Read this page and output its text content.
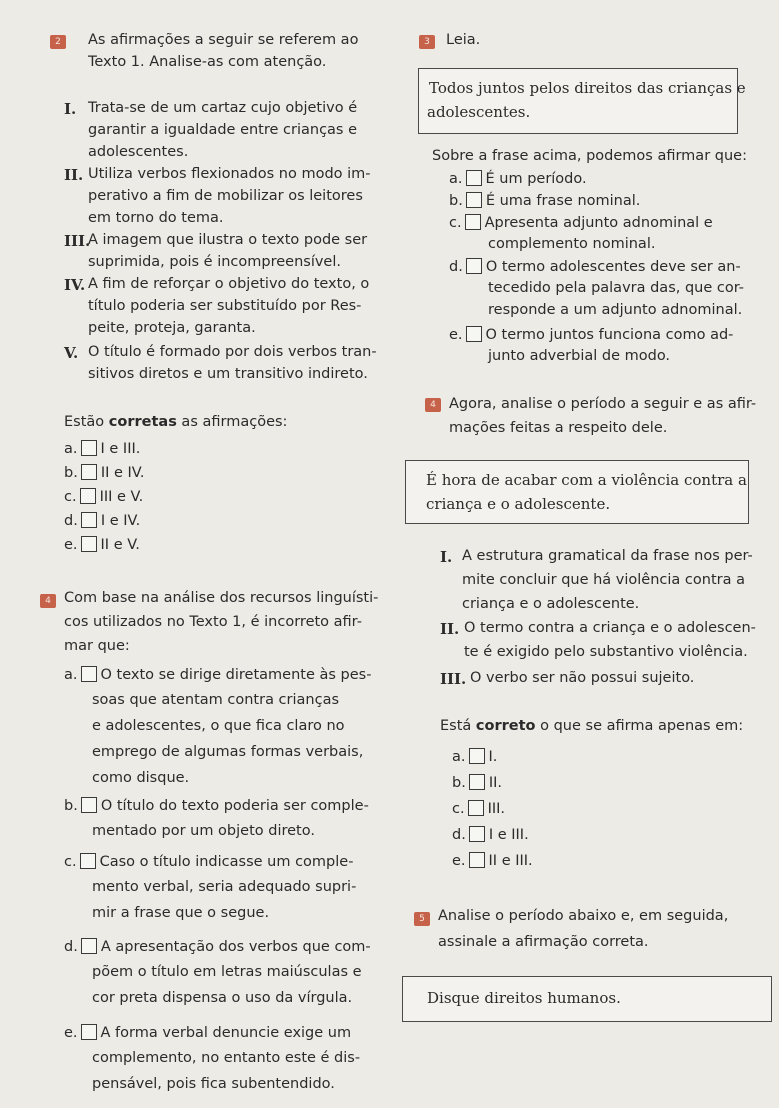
2	As afirmações a seguir se referem ao
Texto 1. Analise-as com atenção.
I. Trata-se de um cartaz cujo objetivo é
garantir a igualdade entre crianças e
adolescentes.
II. Utiliza verbos flexionados no modo im-
perativo a fim de mobilizar os leitores
em torno do tema.
III.
A imagem que ilustra o texto pode ser
suprimida, pois é incompreensível.
IV. A fim de reforçar o objetivo do texto, o
título poderia ser substituído por Res-
peite, proteja, garanta.
V. O título é formado por dois verbos tran-
sitivos diretos e um transitivo indireto.
Estão corretas as afirmações:
a. I e III.
b. II e IV.
c. III e V.
d. I e IV.
e. II e V.
4 Com base na análise dos recursos linguísti-
cos utilizados no Texto 1, é incorreto afir-
mar que:
a. O texto se dirige diretamente às pes-
soas que atentam contra crianças
e adolescentes, o que fica claro no
emprego de algumas formas verbais,
como disque.
b. O título do texto poderia ser comple-
mentado por um objeto direto.
c. Caso o título indicasse um comple-
mento verbal, seria adequado supri-
mir a frase que o segue.
d. A apresentação dos verbos que com-
põem o título em letras maiúsculas e
cor preta dispensa o uso da vírgula.
e. A forma verbal denuncie exige um
complemento, no entanto este é dis-
pensável, pois fica subentendido.
3	Leia.
Todos juntos pelos direitos das crianças e
adolescentes.
Sobre a frase acima, podemos afirmar que:
a. É um período.
b. É uma frase nominal.
c. Apresenta adjunto adnominal e
complemento nominal.
d. O termo adolescentes deve ser an-
tecedido pela palavra das, que cor-
responde a um adjunto adnominal.
e. O termo juntos funciona como ad-
junto adverbial de modo.
4 Agora, analise o período a seguir e as afir-
mações feitas a respeito dele.
É hora de acabar com a violência contra a
criança e o adolescente.
I. A estrutura gramatical da frase nos per-
mite concluir que há violência contra a
criança e o adolescente.
II. O termo contra a criança e o adolescen-
te é exigido pelo substantivo violência.
III. O verbo ser não possui sujeito.
Está correto o que se afirma apenas em:
a. I.
b. II.
c. III.
d. I e III.
e. II e III.
5 Analise o período abaixo e, em seguida,
assinale a afirmação correta.
Disque direitos humanos.
